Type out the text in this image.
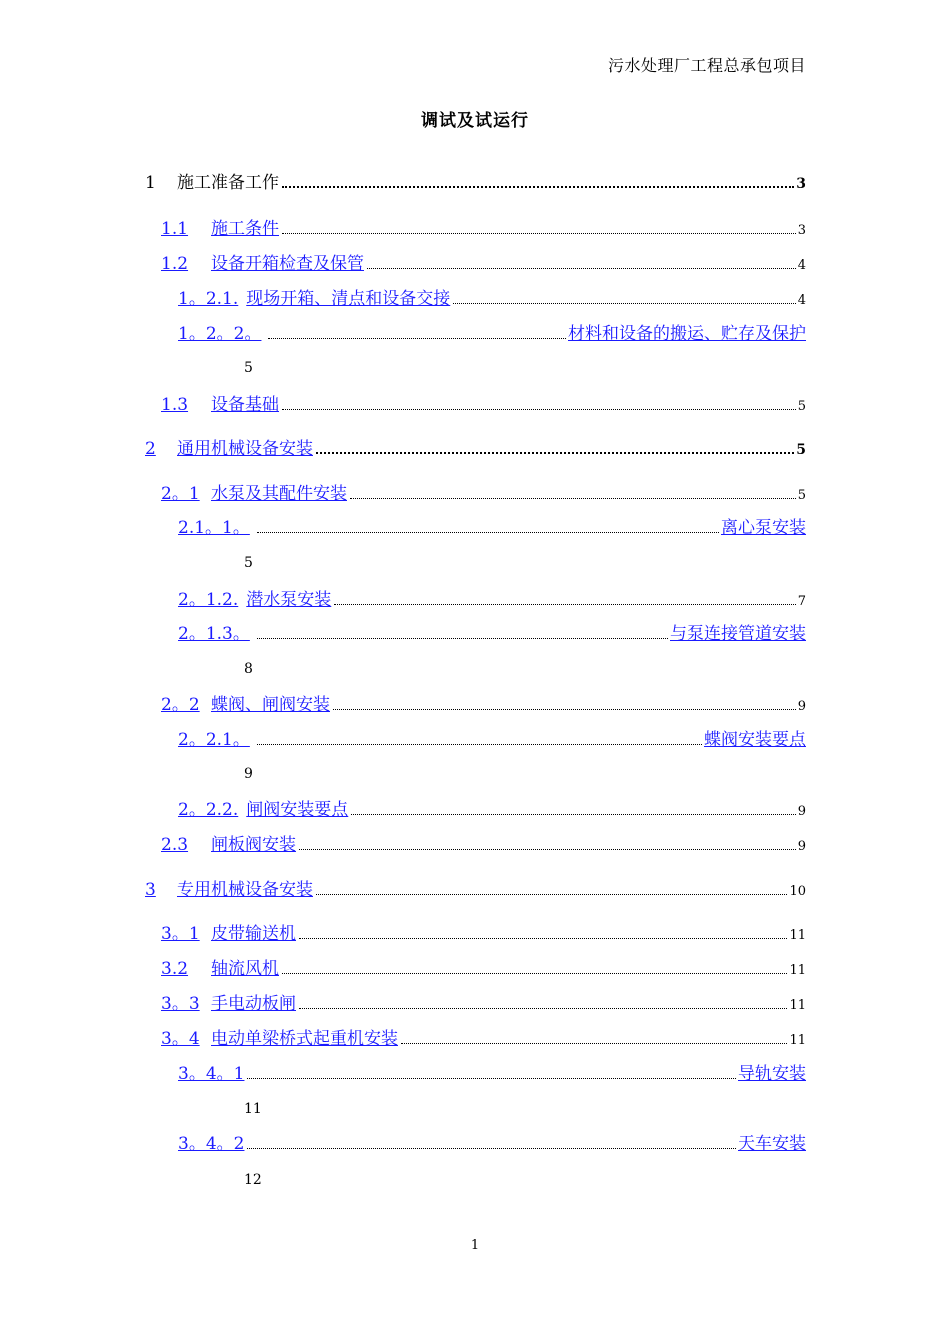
污水处理厂工程总承包项目
调试及试运行
1	施工准备工作	3
1.1	施工条件	3
1.2	设备开箱检查及保管	4
1。2.1. 现场开箱、清点和设备交接	4
1。2。2。	材料和设备的搬运、贮存及保护
5
1.3	设备基础	5
2	通用机械设备安装	5
2。1 水泵及其配件安装	5
2.1。1。	离心泵安装
5
2。1.2. 潜水泵安装	7
2。1.3。	与泵连接管道安装
8
2。2 蝶阀、闸阀安装	9
2。2.1。	蝶阀安装要点
9
2。2.2. 闸阀安装要点	9
2.3	闸板阀安装	9
3	专用机械设备安装	10
3。1 皮带输送机	11
3.2	轴流风机	11
3。3 手电动板闸	11
3。4 电动单梁桥式起重机安装	11
3。4。1	导轨安装
11
3。4。2	天车安装
12
1
